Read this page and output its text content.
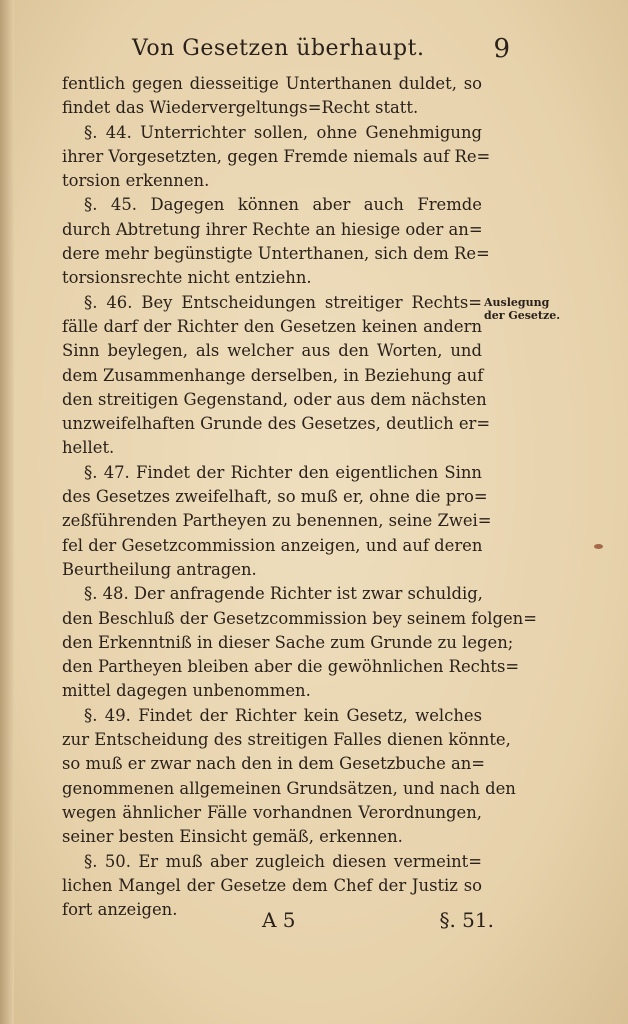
Von Gesetzen überhaupt.	9
Auslegung
der Gesetze.
fentlich gegen diesseitige Unterthanen duldet, so
findet das Wiedervergeltungs=Recht statt.
§. 44. Unterrichter sollen, ohne Genehmigung
ihrer Vorgesetzten, gegen Fremde niemals auf Re=
torsion erkennen.
§. 45. Dagegen können aber auch Fremde
durch Abtretung ihrer Rechte an hiesige oder an=
dere mehr begünstigte Unterthanen, sich dem Re=
torsionsrechte nicht entziehn.
§. 46. Bey Entscheidungen streitiger Rechts=
fälle darf der Richter den Gesetzen keinen andern
Sinn beylegen, als welcher aus den Worten, und
dem Zusammenhange derselben, in Beziehung auf
den streitigen Gegenstand, oder aus dem nächsten
unzweifelhaften Grunde des Gesetzes, deutlich er=
hellet.
§. 47. Findet der Richter den eigentlichen Sinn
des Gesetzes zweifelhaft, so muß er, ohne die pro=
zeßführenden Partheyen zu benennen, seine Zwei=
fel der Gesetzcommission anzeigen, und auf deren
Beurtheilung antragen.
§. 48. Der anfragende Richter ist zwar schuldig,
den Beschluß der Gesetzcommission bey seinem folgen=
den Erkenntniß in dieser Sache zum Grunde zu legen;
den Partheyen bleiben aber die gewöhnlichen Rechts=
mittel dagegen unbenommen.
§. 49. Findet der Richter kein Gesetz, welches
zur Entscheidung des streitigen Falles dienen könnte,
so muß er zwar nach den in dem Gesetzbuche an=
genommenen allgemeinen Grundsätzen, und nach den
wegen ähnlicher Fälle vorhandnen Verordnungen,
seiner besten Einsicht gemäß, erkennen.
§. 50. Er muß aber zugleich diesen vermeint=
lichen Mangel der Gesetze dem Chef der Justiz so
fort anzeigen.	A 5	§. 51.
